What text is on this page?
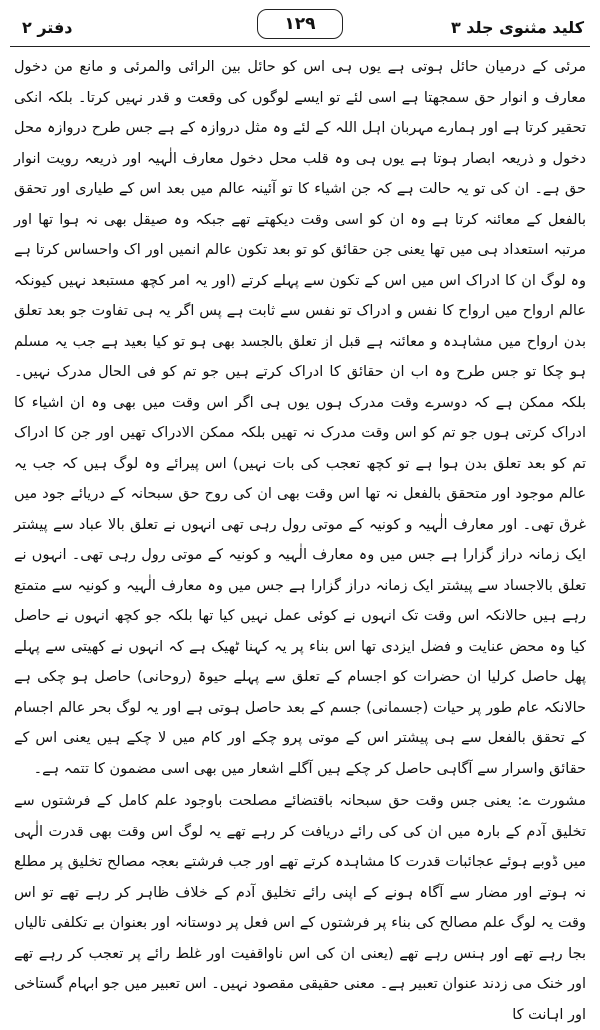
کلید مثنوی جلد ۳
۱۲۹
دفتر ۲

مرئی کے درمیان حائل ہوتی ہے یوں ہی اس کو حائل بین الرائی والمرئی و مانع من دخول معارف و انوار حق سمجھتا ہے اسی لئے تو ایسے لوگوں کی وقعت و قدر نہیں کرتا۔ بلکہ انکی تحقیر کرتا ہے اور ہمارے مہربان اہل اللہ کے لئے وہ مثل دروازہ کے ہے جس طرح دروازہ محل دخول و ذریعہ ابصار ہوتا ہے یوں ہی وہ قلب محل دخول معارف الٰہیہ اور ذریعہ رویت انوار حق ہے۔ ان کی تو یہ حالت ہے کہ جن اشیاء کا تو آئینہ عالم میں بعد اس کے طیاری اور تحقق بالفعل کے معائنہ کرتا ہے وہ ان کو اسی وقت دیکھتے تھے جبکہ وہ صیقل بھی نہ ہوا تھا اور مرتبہ استعداد ہی میں تھا یعنی جن حقائق کو تو بعد تکون عالم انمیں اور اک واحساس کرتا ہے وہ لوگ ان کا ادراک اس میں اس کے تکون سے پہلے کرتے (اور یہ امر کچھ مستبعد نہیں کیونکہ عالم ارواح میں ارواح کا نفس و ادراک تو نفس سے ثابت ہے پس اگر یہ ہی تفاوت جو بعد تعلق بدن ارواح میں مشاہدہ و معائنہ ہے قبل از تعلق بالجسد بھی ہو تو کیا بعید ہے جب یہ مسلم ہو چکا تو جس طرح وہ اب ان حقائق کا ادراک کرتے ہیں جو تم کو فی الحال مدرک نہیں۔ بلکہ ممکن ہے کہ دوسرے وقت مدرک ہوں یوں ہی اگر اس وقت میں بھی وہ ان اشیاء کا ادراک کرتی ہوں جو تم کو اس وقت مدرک نہ تھیں بلکہ ممکن الادراک تھیں اور جن کا ادراک تم کو بعد تعلق بدن ہوا ہے تو کچھ تعجب کی بات نہیں) اس پیرائے وہ لوگ ہیں کہ جب یہ عالم موجود اور متحقق بالفعل نہ تھا اس وقت بھی ان کی روح حق سبحانہ کے دریائے جود میں غرق تھی۔ اور معارف الٰہیہ و کونیہ کے موتی رول رہی تھی انہوں نے تعلق بالا عباد سے پیشتر ایک زمانہ دراز گزارا ہے جس میں وہ معارف الٰہیہ و کونیہ کے موتی رول رہی تھی۔ انہوں نے تعلق بالاجساد سے پیشتر ایک زمانہ دراز گزارا ہے جس میں وہ معارف الٰہیہ و کونیہ سے متمتع رہے ہیں حالانکہ اس وقت تک انہوں نے کوئی عمل نہیں کیا تھا بلکہ جو کچھ انہوں نے حاصل کیا وہ محض عنایت و فضل ایزدی تھا اس بناء پر یہ کہنا ٹھیک ہے کہ انہوں نے کھیتی سے پہلے پھل حاصل کرلیا ان حضرات کو اجسام کے تعلق سے پہلے حیوۃ (روحانی) حاصل ہو چکی ہے حالانکہ عام طور پر حیات (جسمانی) جسم کے بعد حاصل ہوتی ہے اور یہ لوگ بحر عالم اجسام کے تحقق بالفعل سے ہی پیشتر اس کے موتی پرو چکے اور کام میں لا چکے ہیں یعنی اس کے حقائق واسرار سے آگاہی حاصل کر چکے ہیں آگلے اشعار میں بھی اسی مضمون کا تتمہ ہے۔

مشورت ے: یعنی جس وقت حق سبحانہ باقتضائے مصلحت باوجود علم کامل کے فرشتوں سے تخلیق آدم کے بارہ میں ان کی کی رائے دریافت کر رہے تھے یہ لوگ اس وقت بھی قدرت الٰہی میں ڈوبے ہوئے عجائبات قدرت کا مشاہدہ کرتے تھے اور جب فرشتے بعجہ مصالح تخلیق پر مطلع نہ ہوتے اور مضار سے آگاہ ہونے کے اپنی رائے تخلیق آدم کے خلاف ظاہر کر رہے تھے تو اس وقت یہ لوگ علم مصالح کی بناء پر فرشتوں کے اس فعل پر دوستانہ اور بعنوان بے تکلفی تالیاں بجا رہے تھے اور ہنس رہے تھے (یعنی ان کی اس ناواقفیت اور غلط رائے پر تعجب کر رہے تھے اور خنک می زدند عنوان تعبیر ہے۔ معنی حقیقی مقصود نہیں۔ اس تعبیر میں جو ابہام گستاخی اور اہانت کا
